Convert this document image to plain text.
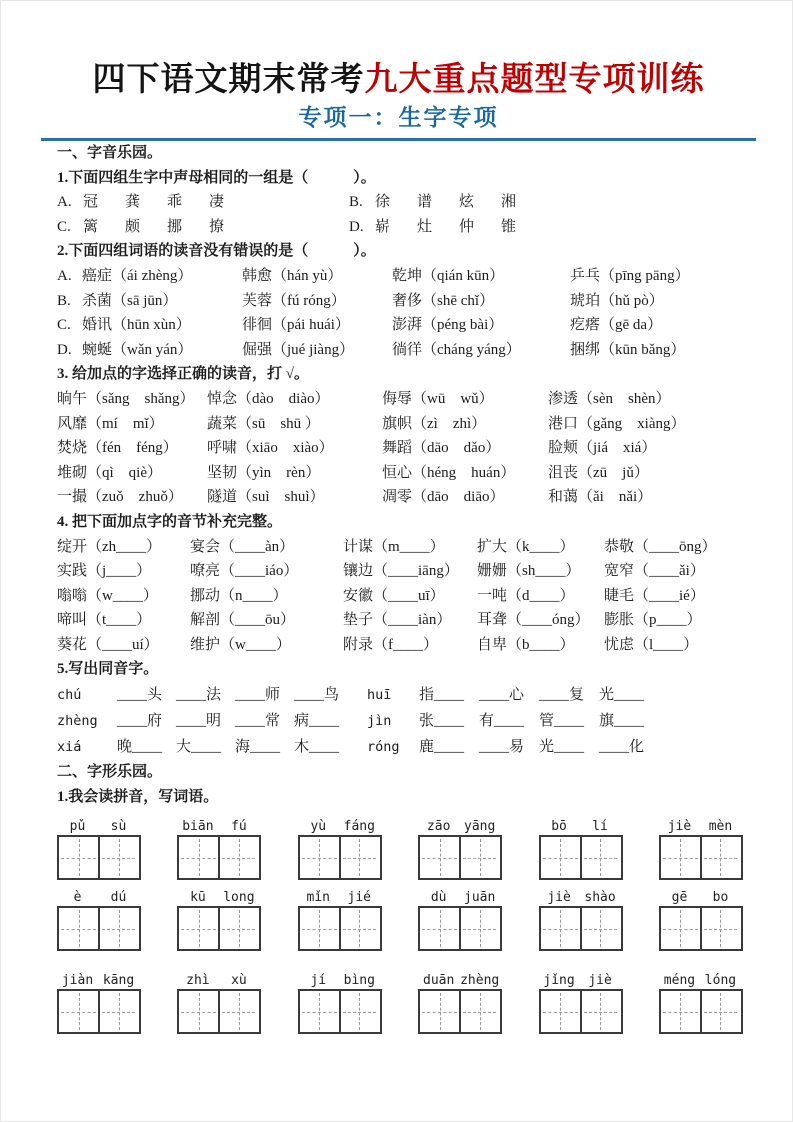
四下语文期末常考九大重点题型专项训练
专项一：生字专项
一、字音乐园。
1.下面四组生字中声母相同的一组是（　　　）。
A. 冠 龚 乖 凄	B. 徐 谱 炫 湘
C. 篱 颇 挪 撩	D. 崭 灶 仲 锥
2.下面四组词语的读音没有错误的是（　　　）。
A. 癌症（ái zhèng）	韩愈（hán yù）	乾坤（qián kūn）	乒乓（pīng pāng）
B. 杀菌（sā jūn）	芙蓉（fú róng）	奢侈（shē chǐ）	琥珀（hǔ pò）
C. 婚讯（hūn xùn）	徘徊（pái huái）	澎湃（péng bài）	疙瘩（gē da）
D. 蜿蜒（wǎn yán）	倔强（jué jiàng）	徜徉（cháng yáng）	捆绑（kūn bǎng）
3. 给加点的字选择正确的读音，打 √。
晌午（sǎng　shǎng） 悼念（dào　diào）	侮辱（wū　wǔ）	渗透（sèn　shèn）
风靡（mí　mǐ）	蔬菜（sū　shū ）	旗帜（zì　zhì）	港口（gǎng　xiàng）
焚烧（fén　féng）	呼啸（xiāo　xiào）	舞蹈（dāo　dǎo）	脸颊（jiá　xiá）
堆砌（qì　qiè）	坚韧（yìn　rèn）	恒心（héng　huán）	沮丧（zū　jǔ）
一撮（zuǒ　zhuǒ）	隧道（suì　shuì）	凋零（dāo　diāo）	和蔼（ǎi　nǎi）
4. 把下面加点字的音节补充完整。
绽开（zh____）	宴会（____àn）	计谋（m____）	扩大（k____）	恭敬（____ōng）
实践（j____）	嘹亮（____iáo）	镶边（____iāng）	姗姗（sh____）	宽窄（____ǎi）
嗡嗡（w____）	挪动（n____）	安徽（____uī）	一吨（d____）	睫毛（____ié）
啼叫（t____）	解剖（____ōu）	垫子（____iàn）	耳聋（____óng） 膨胀（p____）
葵花（____uí）	维护（w____）	附录（f____）	自卑（b____）	忧虑（l____）
5.写出同音字。
chú	____头 ____法 ____师 ____鸟	huī	指____ ____心 ____复 光____
zhèng	____府 ____明 ____常 病____	jìn	张____ 有____ 管____ 旗____
xiá	晚____ 大____ 海____ 木____	róng	鹿____ ____易 光____ ____化
二、字形乐园。
1.我会读拼音，写词语。
pǔ	sù	biān	fú	yù	fáng	zāo	yāng	bō	lí	jiè	mèn
è	dú	kū	long	mǐn	jié	dù	juān	jiè	shào	gē	bo
jiàn kāng	zhì	xù	jí	bìng	duān zhèng	jǐng	jiè	méng lóng
